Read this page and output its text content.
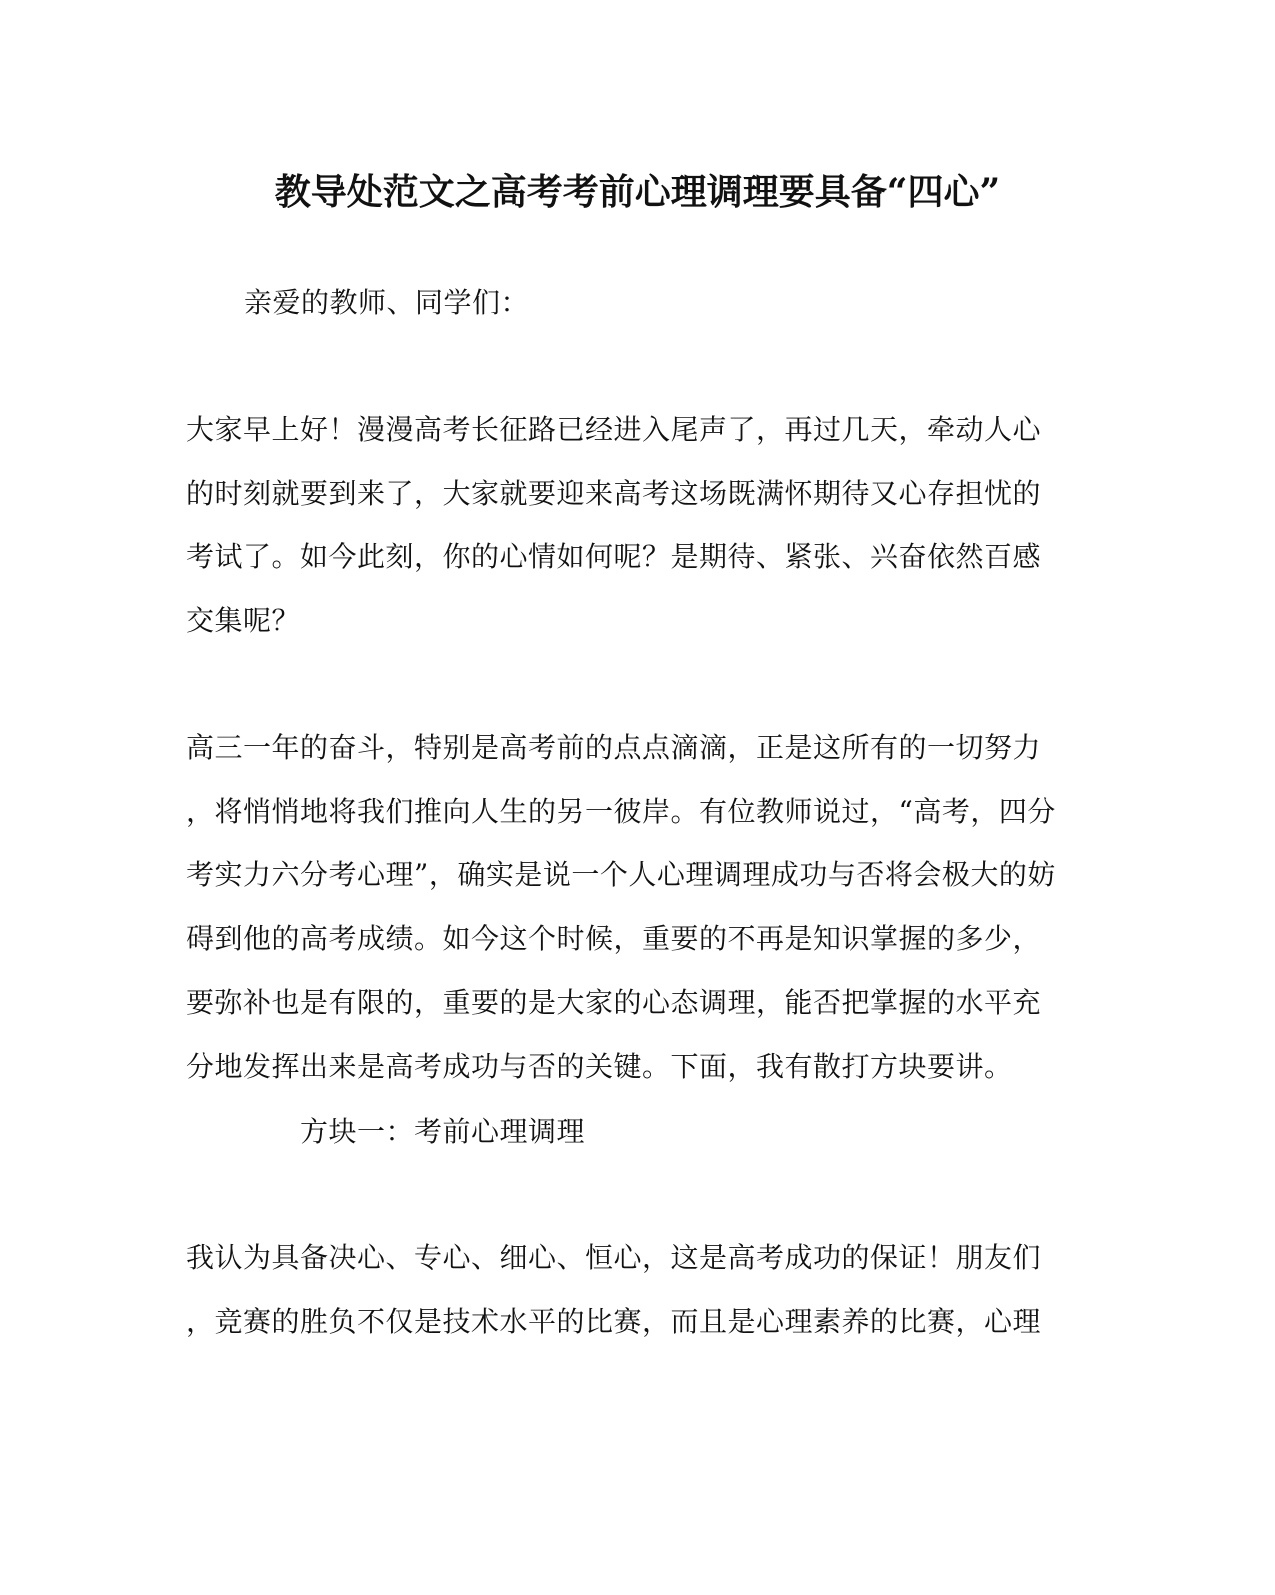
教导处范文之高考考前心理调理要具备“四心”
亲爱的教师、同学们：
大家早上好！漫漫高考长征路已经进入尾声了，再过几天，牵动人心
的时刻就要到来了，大家就要迎来高考这场既满怀期待又心存担忧的
考试了。如今此刻，你的心情如何呢？是期待、紧张、兴奋依然百感
交集呢？
高三一年的奋斗，特别是高考前的点点滴滴，正是这所有的一切努力
，将悄悄地将我们推向人生的另一彼岸。有位教师说过，“高考，四分
考实力六分考心理”，确实是说一个人心理调理成功与否将会极大的妨
碍到他的高考成绩。如今这个时候，重要的不再是知识掌握的多少，
要弥补也是有限的，重要的是大家的心态调理，能否把掌握的水平充
分地发挥出来是高考成功与否的关键。下面，我有散打方块要讲。
方块一：考前心理调理
我认为具备决心、专心、细心、恒心，这是高考成功的保证！朋友们
，竞赛的胜负不仅是技术水平的比赛，而且是心理素养的比赛，心理
